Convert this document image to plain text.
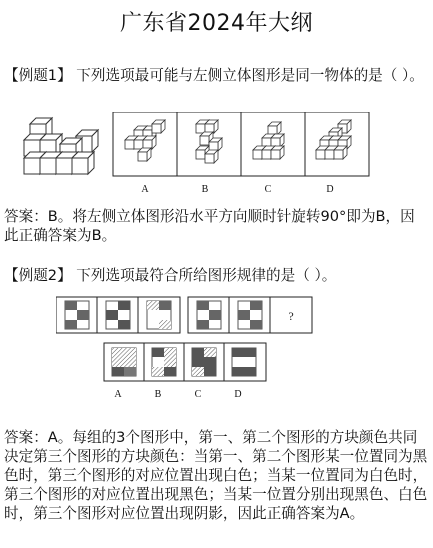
广东省2024年大纲
【例题1】 下列选项最可能与左侧立体图形是同一物体的是（ ）。
A	B	C	D
答案：B。将左侧立体图形沿水平方向顺时针旋转90°即为B，因此正确答案为B。
【例题2】 下列选项最符合所给图形规律的是（ ）。
?
A	B	C	D
答案：A。每组的3个图形中，第一、第二个图形的方块颜色共同决定第三个图形的方块颜色：当第一、第二个图形某一位置同为黑色时，第三个图形的对应位置出现白色；当某一位置同为白色时，第三个图形的对应位置出现黑色；当某一位置分别出现黑色、白色时，第三个图形对应位置出现阴影，因此正确答案为A。
